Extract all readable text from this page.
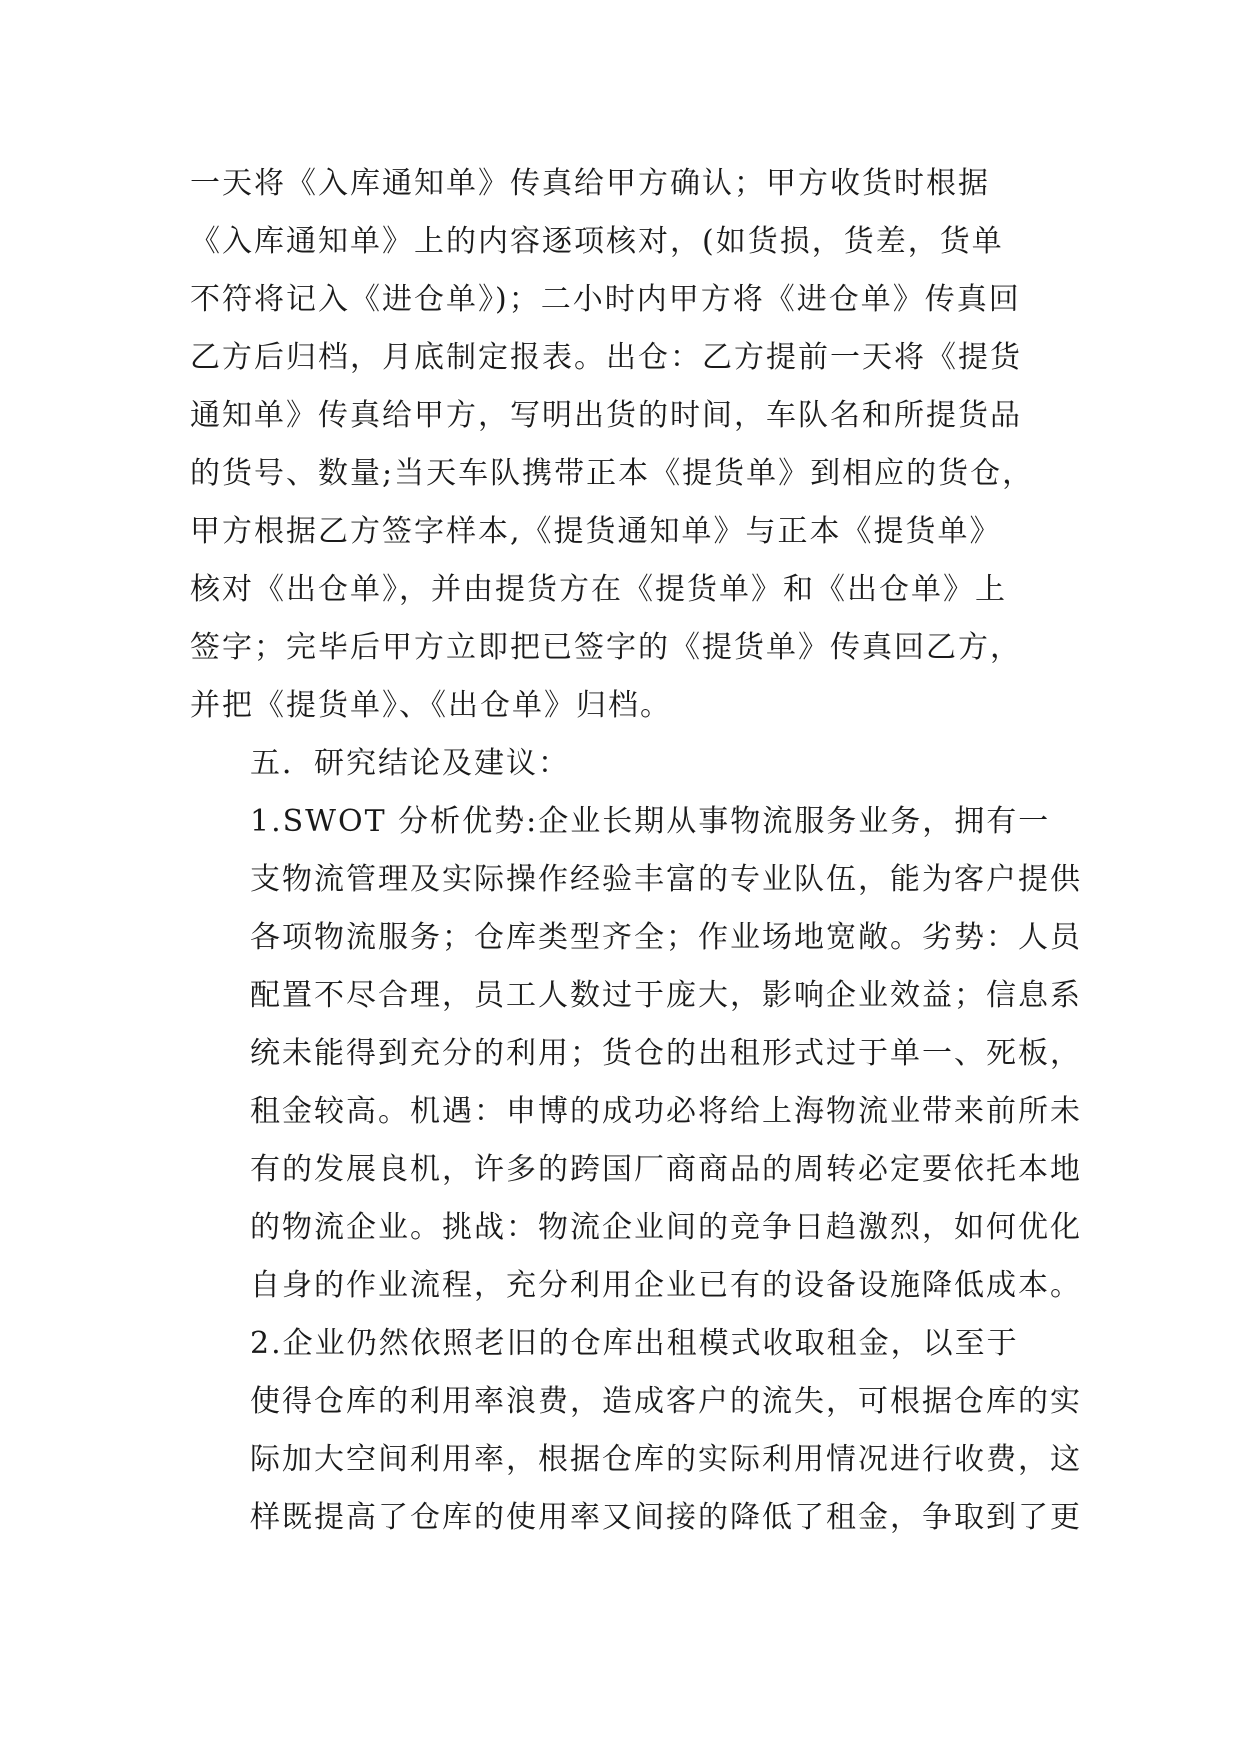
一天将《入库通知单》传真给甲方确认；甲方收货时根据
《入库通知单》上的内容逐项核对，(如货损，货差，货单
不符将记入《进仓单》)；二小时内甲方将《进仓单》传真回
乙方后归档，月底制定报表。出仓：乙方提前一天将《提货
通知单》传真给甲方，写明出货的时间，车队名和所提货品
的货号、数量;当天车队携带正本《提货单》到相应的货仓，
甲方根据乙方签字样本,《提货通知单》与正本《提货单》
核对《出仓单》，并由提货方在《提货单》和《出仓单》上
签字；完毕后甲方立即把已签字的《提货单》传真回乙方，
并把《提货单》、《出仓单》归档。

五．研究结论及建议：

1.SWOT 分析优势:企业长期从事物流服务业务，拥有一
支物流管理及实际操作经验丰富的专业队伍，能为客户提供
各项物流服务；仓库类型齐全；作业场地宽敞。劣势：人员
配置不尽合理，员工人数过于庞大，影响企业效益；信息系
统未能得到充分的利用；货仓的出租形式过于单一、死板，
租金较高。机遇：申博的成功必将给上海物流业带来前所未
有的发展良机，许多的跨国厂商商品的周转必定要依托本地
的物流企业。挑战：物流企业间的竞争日趋激烈，如何优化
自身的作业流程，充分利用企业已有的设备设施降低成本。

2.企业仍然依照老旧的仓库出租模式收取租金，以至于
使得仓库的利用率浪费，造成客户的流失，可根据仓库的实
际加大空间利用率，根据仓库的实际利用情况进行收费，这
样既提高了仓库的使用率又间接的降低了租金，争取到了更
